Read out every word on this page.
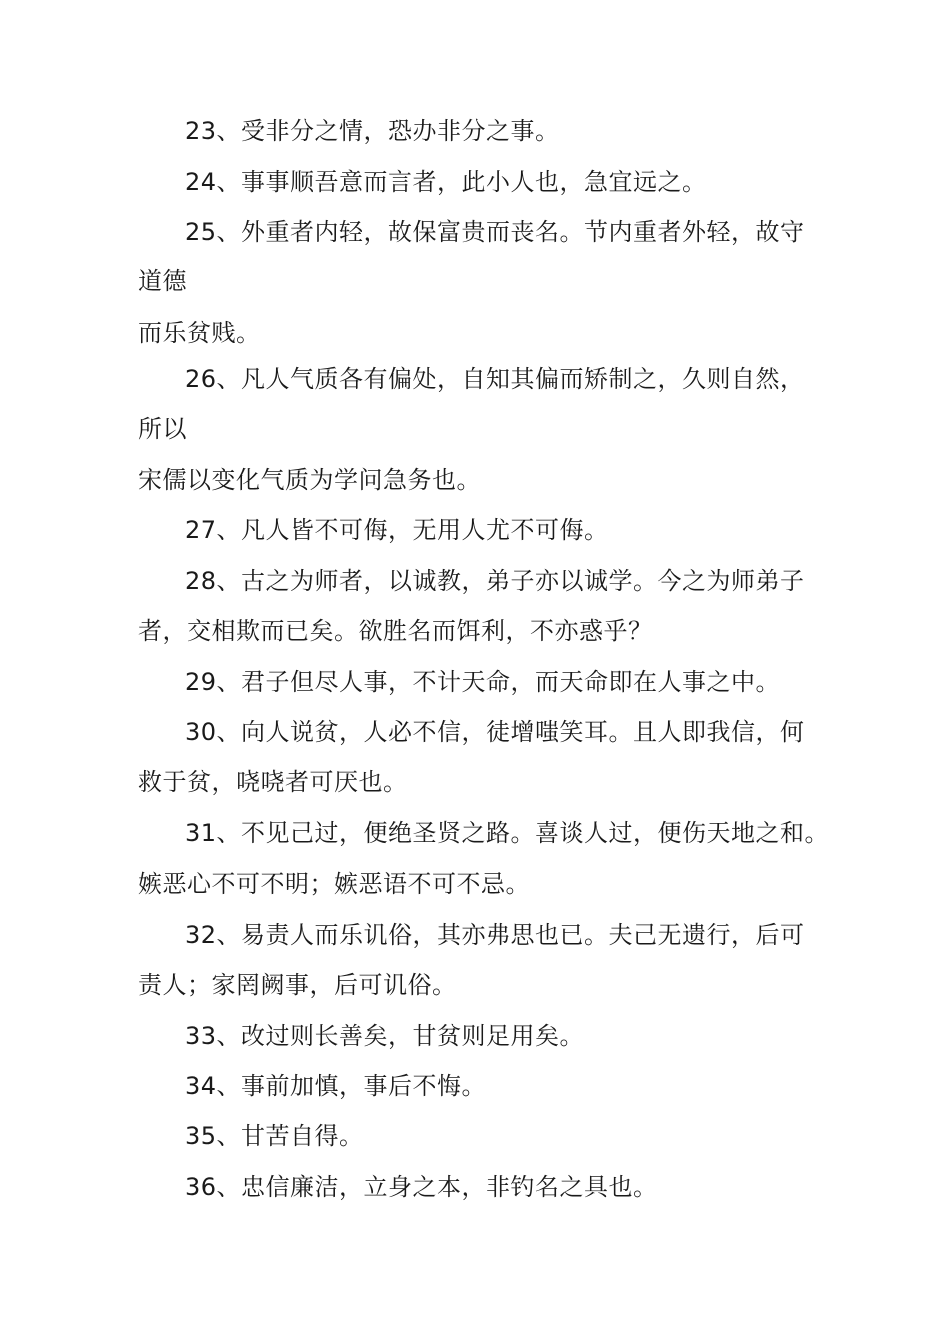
23、受非分之情，恐办非分之事。
24、事事顺吾意而言者，此小人也，急宜远之。
25、外重者内轻，故保富贵而丧名。节内重者外轻，故守
道德
而乐贫贱。
26、凡人气质各有偏处，自知其偏而矫制之，久则自然，
所以
宋儒以变化气质为学问急务也。
27、凡人皆不可侮，无用人尤不可侮。
28、古之为师者，以诚教，弟子亦以诚学。今之为师弟子
者，交相欺而已矣。欲胜名而饵利，不亦惑乎？
29、君子但尽人事，不计天命，而天命即在人事之中。
30、向人说贫，人必不信，徒增嗤笑耳。且人即我信，何
救于贫，哓哓者可厌也。
31、不见己过，便绝圣贤之路。喜谈人过，便伤天地之和。
嫉恶心不可不明；嫉恶语不可不忌。
32、易责人而乐讥俗，其亦弗思也已。夫己无遗行，后可
责人；家罔阙事，后可讥俗。
33、改过则长善矣，甘贫则足用矣。
34、事前加慎，事后不悔。
35、甘苦自得。
36、忠信廉洁，立身之本，非钓名之具也。
